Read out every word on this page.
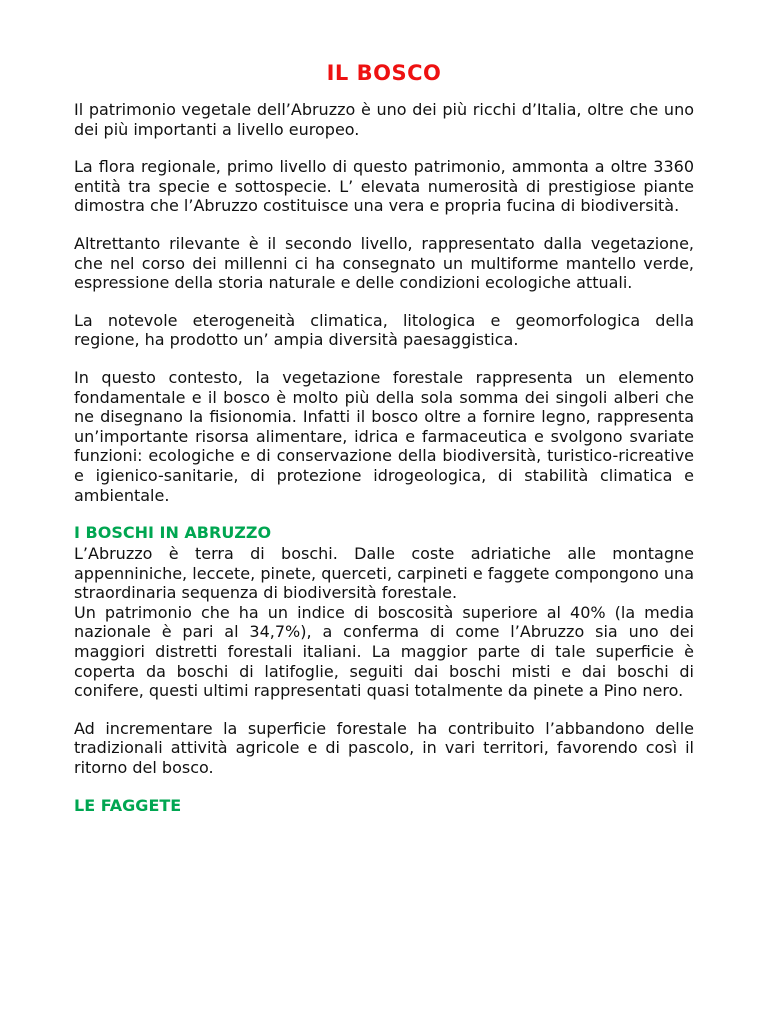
IL BOSCO

Il patrimonio vegetale dell’Abruzzo è uno dei più ricchi d’Italia, oltre che uno dei più importanti a livello europeo.

La flora regionale, primo livello di questo patrimonio, ammonta a oltre 3360 entità tra specie e sottospecie. L’ elevata numerosità di prestigiose piante dimostra che l’Abruzzo costituisce una vera e propria fucina di biodiversità.

Altrettanto rilevante è il secondo livello, rappresentato dalla vegetazione, che nel corso dei millenni ci ha consegnato un multiforme mantello verde, espressione della storia naturale e delle condizioni ecologiche attuali.

La notevole eterogeneità climatica, litologica e geomorfologica della regione, ha prodotto un’ ampia diversità paesaggistica.

In questo contesto, la vegetazione forestale rappresenta un elemento fondamentale e il bosco è molto più della sola somma dei singoli alberi che ne disegnano la fisionomia. Infatti il bosco oltre a fornire legno, rappresenta un’importante risorsa alimentare, idrica e farmaceutica e svolgono svariate funzioni: ecologiche e di conservazione della biodiversità, turistico-ricreative e igienico-sanitarie, di protezione idrogeologica, di stabilità climatica e ambientale.

I BOSCHI IN ABRUZZO

L’Abruzzo è terra di boschi. Dalle coste adriatiche alle montagne appenniniche, leccete, pinete, querceti, carpineti e faggete compongono una straordinaria sequenza di biodiversità forestale.

Un patrimonio che ha un indice di boscosità superiore al 40% (la media nazionale è pari al 34,7%), a conferma di come l’Abruzzo sia uno dei maggiori distretti forestali italiani. La maggior parte di tale superficie è coperta da boschi di latifoglie, seguiti dai boschi misti e dai boschi di conifere, questi ultimi rappresentati quasi totalmente da pinete a Pino nero.

Ad incrementare la superficie forestale ha contribuito l’abbandono delle tradizionali attività agricole e di pascolo, in vari territori, favorendo così il ritorno del bosco.

LE FAGGETE
